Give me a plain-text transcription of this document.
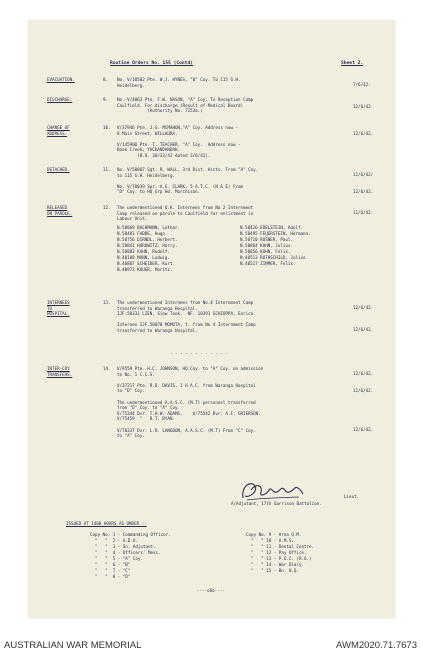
Routine Orders No. 155 (Contd)	Sheet 2.
EVACUATION.	8. No. V/10582 Pte. W.J. HYNES, "B" Coy. To 115 G.H.
Heidelberg.	7/6/42.
DISCHARGE.	9. No. V/4063 Pte. F.W. NASON, "A" Coy. To Reception Camp
Caulfield. For discharge.(Result of Medical Board)
(Authority No. 7253a.)
12/6/42.
CHANGE OF
ADDRESS.
10. V/37946 Pte. J.G. MCMAHON,"A" Coy. Address now -
8 Main Street, WILLAURA.

V/145900 Pte. T. TEACHER, "A" Coy.  Address now -
Book Creek, YACKANDANDAH.
(R.O. 30/33/42 dated 3/6/42).
12/6/42.
DETACHED.	11. No. V/50007 Sgt. R. WALL, 3rd Dist. Accts. From "A" Coy.
to 115 G.H. Heidelberg.

No. V/70039 Spr. A.G. CLARK, 5 A.T.C. (N & E) From
"D" Coy. to HQ Grp Hd. Murchison.
12/6/42/

12/6/42.
RELEASED
ON PAROLE.
12. The undermentioned U.K. Internees from No 2 Internment
Camp released on parole to Caulfield for enlistment in
Labour Unit.
11/6/42.
N.50069 BACHMANN, Lothar.	N.50426 EDELSTEIN, Adolf.
N.50481 FABRE, Hugo.	N.50495 FEUERSTEIN, Hermann.
N.50756 DIRNDL, Herbert.	N.50710 ROSNER, Paul.
N.50841 HOROWITZ, Harry.	N.50864 KAHN, Julius.
N.50883 KAHN, Rudolf.	N.50856 KOHN, Felix.
N.40180 MANN, Ludwig.	N.40513 ROTHSCHILD, Julius.
N.40807 SCHEIDER, Kurt.	N.40517 ZIMMER, Felix.
N.40973 KAUER, Moritz.
INTERNEES
TO
HOSPITAL.
13. The undermentioned Internees from No.4 Internment Camp
transferred to Waranga Hospital.
IJF.50333 LIEN, Siew Took.  NF. 10391 SCHIOPPA, Enrico.

Internee IJF.50070 MOMOTA, Y. from No 4 Internment Camp
transferred to Waranga Hospital.
12/6/42.

12/6/42.
- - - - - - - - - - - -
INTER-COY
TRANSFERS.
14. V/9559 Pte. H.C. JOHNSON, HQ.Coy. to "A" Coy. on admission
to No. 1 C.C.S.

V/37217 Pte. R.D. DAVIS, 1 H.A.C. from Waranga Hospital
to "D" Coy.

The undermentioned A.A.S.C. (M.T) personnel transferred
from "D" Coy. to "A" Coy.
V/75344 Dvr. T.H.W. ADAMS.    V/75542 Dvr. A.F. GRIERSON.
V/75459  "   R.T. RYAN.

V/70337 Dvr. L.R. LANGDON, A.A.S.C. (M.T) From "C" Coy.
to "A" Coy.
12/6/42.

12/6/42.

12/6/42.
Lieut.
A/Adjutant, 17th Garrison Battalion.
ISSUED AT 1400 HOURS AS UNDER :-
Copy No. 1 - Commanding Officer.
"   "  2 - A.D.O.
"   "  3 - Sn. Adjutant.
"   "  4 - Officers' Mess.
"   "  5 - "A" Coy.
"   "  6 - "B"
"   "  7 - "C"
"   "  8 - "D"
Copy No. 9 - Area Q.M.
"   " 10 - A.M.S.
"   " 11 - Dental Centre.
"   " 12 - Pay Office.
"   " 13 - P.O.C. (R.O.)
"   " 14 - War Diary.
"   " 15 - Bn. H.Q.
----oOo----
AUSTRALIAN WAR MEMORIAL	AWM2020.71.7673
